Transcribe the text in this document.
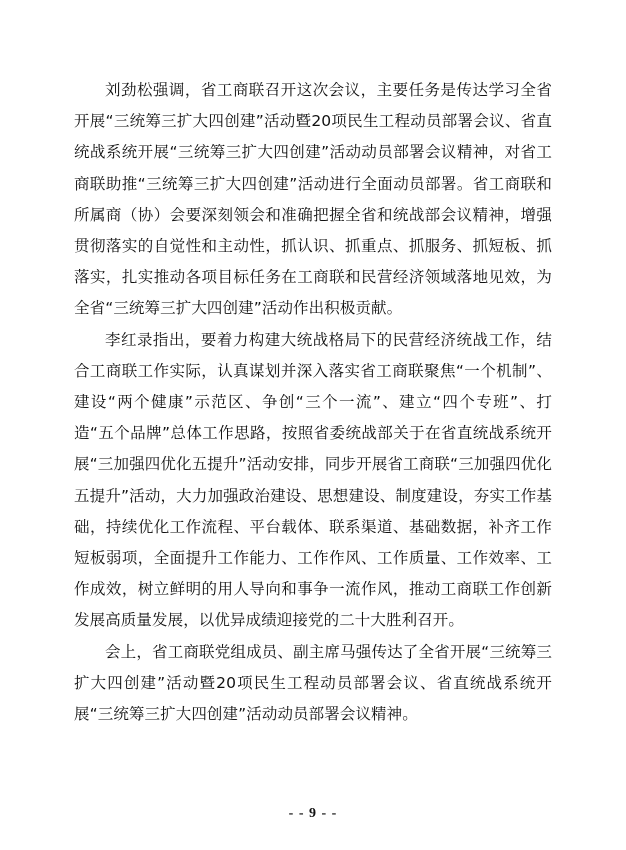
刘劲松强调，省工商联召开这次会议，主要任务是传达学习全省开展“三统筹三扩大四创建”活动暨20项民生工程动员部署会议、省直统战系统开展“三统筹三扩大四创建”活动动员部署会议精神，对省工商联助推“三统筹三扩大四创建”活动进行全面动员部署。省工商联和所属商（协）会要深刻领会和准确把握全省和统战部会议精神，增强贯彻落实的自觉性和主动性，抓认识、抓重点、抓服务、抓短板、抓落实，扎实推动各项目标任务在工商联和民营经济领域落地见效，为全省“三统筹三扩大四创建”活动作出积极贡献。

李红录指出，要着力构建大统战格局下的民营经济统战工作，结合工商联工作实际，认真谋划并深入落实省工商联聚焦“一个机制”、建设“两个健康”示范区、争创“三个一流”、建立“四个专班”、打造“五个品牌”总体工作思路，按照省委统战部关于在省直统战系统开展“三加强四优化五提升”活动安排，同步开展省工商联“三加强四优化五提升”活动，大力加强政治建设、思想建设、制度建设，夯实工作基础，持续优化工作流程、平台载体、联系渠道、基础数据，补齐工作短板弱项，全面提升工作能力、工作作风、工作质量、工作效率、工作成效，树立鲜明的用人导向和事争一流作风，推动工商联工作创新发展高质量发展，以优异成绩迎接党的二十大胜利召开。

会上，省工商联党组成员、副主席马强传达了全省开展“三统筹三扩大四创建”活动暨20项民生工程动员部署会议、省直统战系统开展“三统筹三扩大四创建”活动动员部署会议精神。

- - 9 - -
